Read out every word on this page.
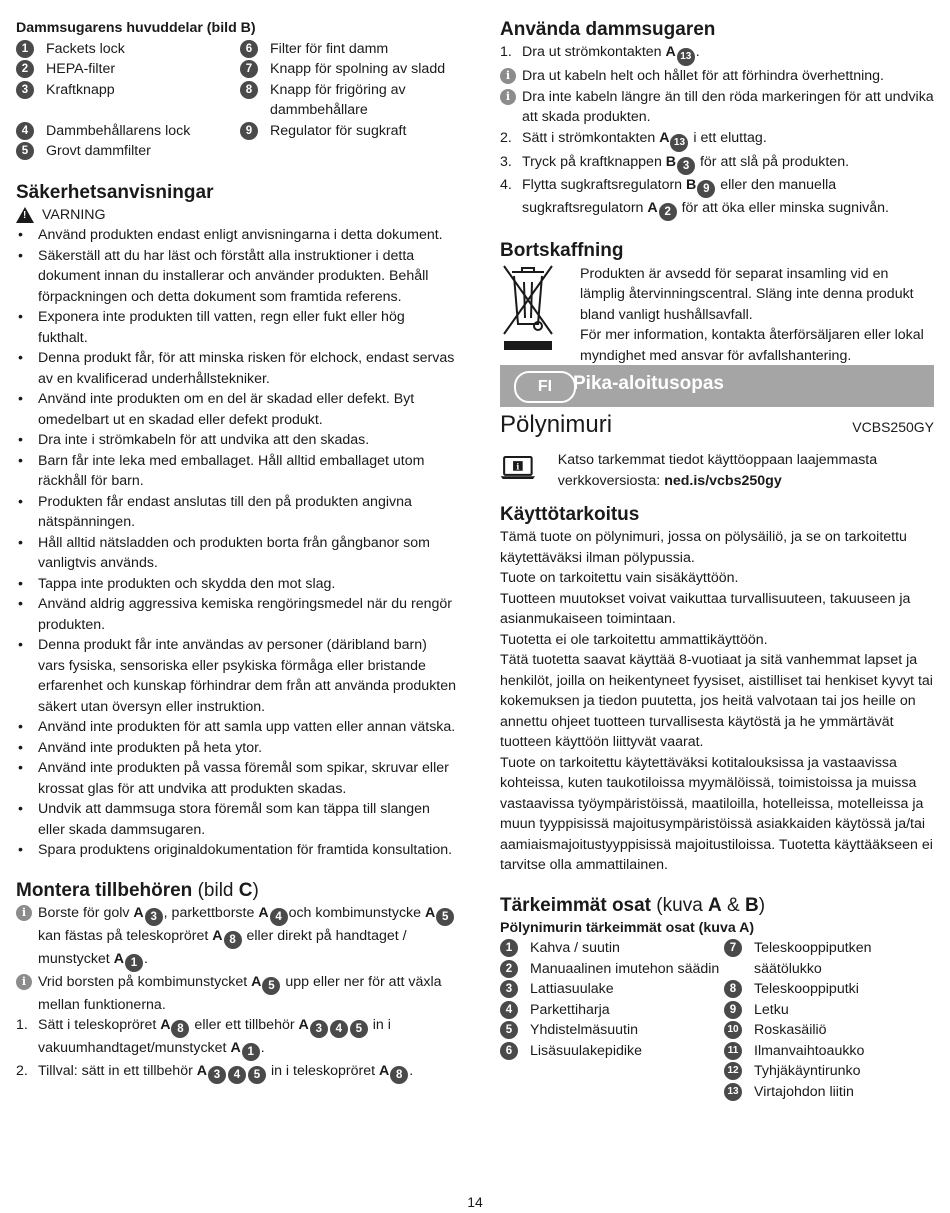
Dammsugarens huvuddelar (bild B)
1	Fackets lock	6	Filter för fint damm
2	HEPA-filter	7	Knapp för spolning av sladd
3	Kraftknapp	8	Knapp för frigöring av dammbehållare
4	Dammbehållarens lock	9	Regulator för sugkraft
5	Grovt dammfilter
Säkerhetsanvisningar
! VARNING
• Använd produkten endast enligt anvisningarna i detta dokument.
• Säkerställ att du har läst och förstått alla instruktioner i detta dokument innan du installerar och använder produkten. Behåll förpackningen och detta dokument som framtida referens.
• Exponera inte produkten till vatten, regn eller fukt eller hög fukthalt.
• Denna produkt får, för att minska risken för elchock, endast servas av en kvalificerad underhållstekniker.
• Använd inte produkten om en del är skadad eller defekt. Byt omedelbart ut en skadad eller defekt produkt.
• Dra inte i strömkabeln för att undvika att den skadas.
• Barn får inte leka med emballaget. Håll alltid emballaget utom räckhåll för barn.
• Produkten får endast anslutas till den på produkten angivna nätspänningen.
• Håll alltid nätsladden och produkten borta från gångbanor som vanligtvis används.
• Tappa inte produkten och skydda den mot slag.
• Använd aldrig aggressiva kemiska rengöringsmedel när du rengör produkten.
• Denna produkt får inte användas av personer (däribland barn) vars fysiska, sensoriska eller psykiska förmåga eller bristande erfarenhet och kunskap förhindrar dem från att använda produkten säkert utan översyn eller instruktion.
• Använd inte produkten för att samla upp vatten eller annan vätska.
• Använd inte produkten på heta ytor.
• Använd inte produkten på vassa föremål som spikar, skruvar eller krossat glas för att undvika att produkten skadas.
• Undvik att dammsuga stora föremål som kan täppa till slangen eller skada dammsugaren.
• Spara produktens originaldokumentation för framtida konsultation.
Montera tillbehören (bild C)
i Borste för golv A 3 , parkettborste A 4 och kombimunstycke A 5 kan fästas på teleskopröret A 8 eller direkt på handtaget / munstycket A 1 .
i Vrid borsten på kombimunstycket A 5 upp eller ner för att växla mellan funktionerna.
1. Sätt i teleskopröret A 8 eller ett tillbehör A 3 4 5 in i vakuumhandtaget/munstycket A 1 .
2. Tillval: sätt in ett tillbehör A 3 4 5 in i teleskopröret A 8 .
Använda dammsugaren
1. Dra ut strömkontakten A 13 .
i Dra ut kabeln helt och hållet för att förhindra överhettning.
i Dra inte kabeln längre än till den röda markeringen för att undvika att skada produkten.
2. Sätt i strömkontakten A 13 i ett eluttag.
3. Tryck på kraftknappen B 3 för att slå på produkten.
4. Flytta sugkraftsregulatorn B 9 eller den manuella sugkraftsregulatorn A 2 för att öka eller minska sugnivån.
Bortskaffning
Produkten är avsedd för separat insamling vid en lämplig återvinningscentral. Släng inte denna produkt bland vanligt hushållsavfall.
För mer information, kontakta återförsäljaren eller lokal myndighet med ansvar för avfallshantering.
FI	Pika-aloitusopas
Pölynimuri	VCBS250GY
i	Katso tarkemmat tiedot käyttöoppaan laajemmasta verkkoversiosta: ned.is/vcbs250gy
Käyttötarkoitus
Tämä tuote on pölynimuri, jossa on pölysäiliö, ja se on tarkoitettu käytettäväksi ilman pölypussia.
Tuote on tarkoitettu vain sisäkäyttöön.
Tuotteen muutokset voivat vaikuttaa turvallisuuteen, takuuseen ja asianmukaiseen toimintaan.
Tuotetta ei ole tarkoitettu ammattikäyttöön.
Tätä tuotetta saavat käyttää 8-vuotiaat ja sitä vanhemmat lapset ja henkilöt, joilla on heikentyneet fyysiset, aistilliset tai henkiset kyvyt tai kokemuksen ja tiedon puutetta, jos heitä valvotaan tai jos heille on annettu ohjeet tuotteen turvallisesta käytöstä ja he ymmärtävät tuotteen käyttöön liittyvät vaarat.
Tuote on tarkoitettu käytettäväksi kotitalouksissa ja vastaavissa kohteissa, kuten taukotiloissa myymälöissä, toimistoissa ja muissa vastaavissa työympäristöissä, maatiloilla, hotelleissa, motelleissa ja muun tyyppisissä majoitusympäristöissä asiakkaiden käytössä ja/tai aamiaismajoitustyyppisissä majoitustiloissa. Tuotetta käyttääkseen ei tarvitse olla ammattilainen.
Tärkeimmät osat (kuva A & B)
Pölynimurin tärkeimmät osat (kuva A)
1	Kahva / suutin
2	Manuaalinen imutehon säädin
3	Lattiasuulake
4	Parkettiharja
5	Yhdistelmäsuutin
6	Lisäsuulakepidike
7	Teleskooppiputken säätölukko
8	Teleskooppiputki
9	Letku
10 Roskasäiliö
11 Ilmanvaihtoaukko
12 Tyhjäkäyntirunko
13 Virtajohdon liitin
14
